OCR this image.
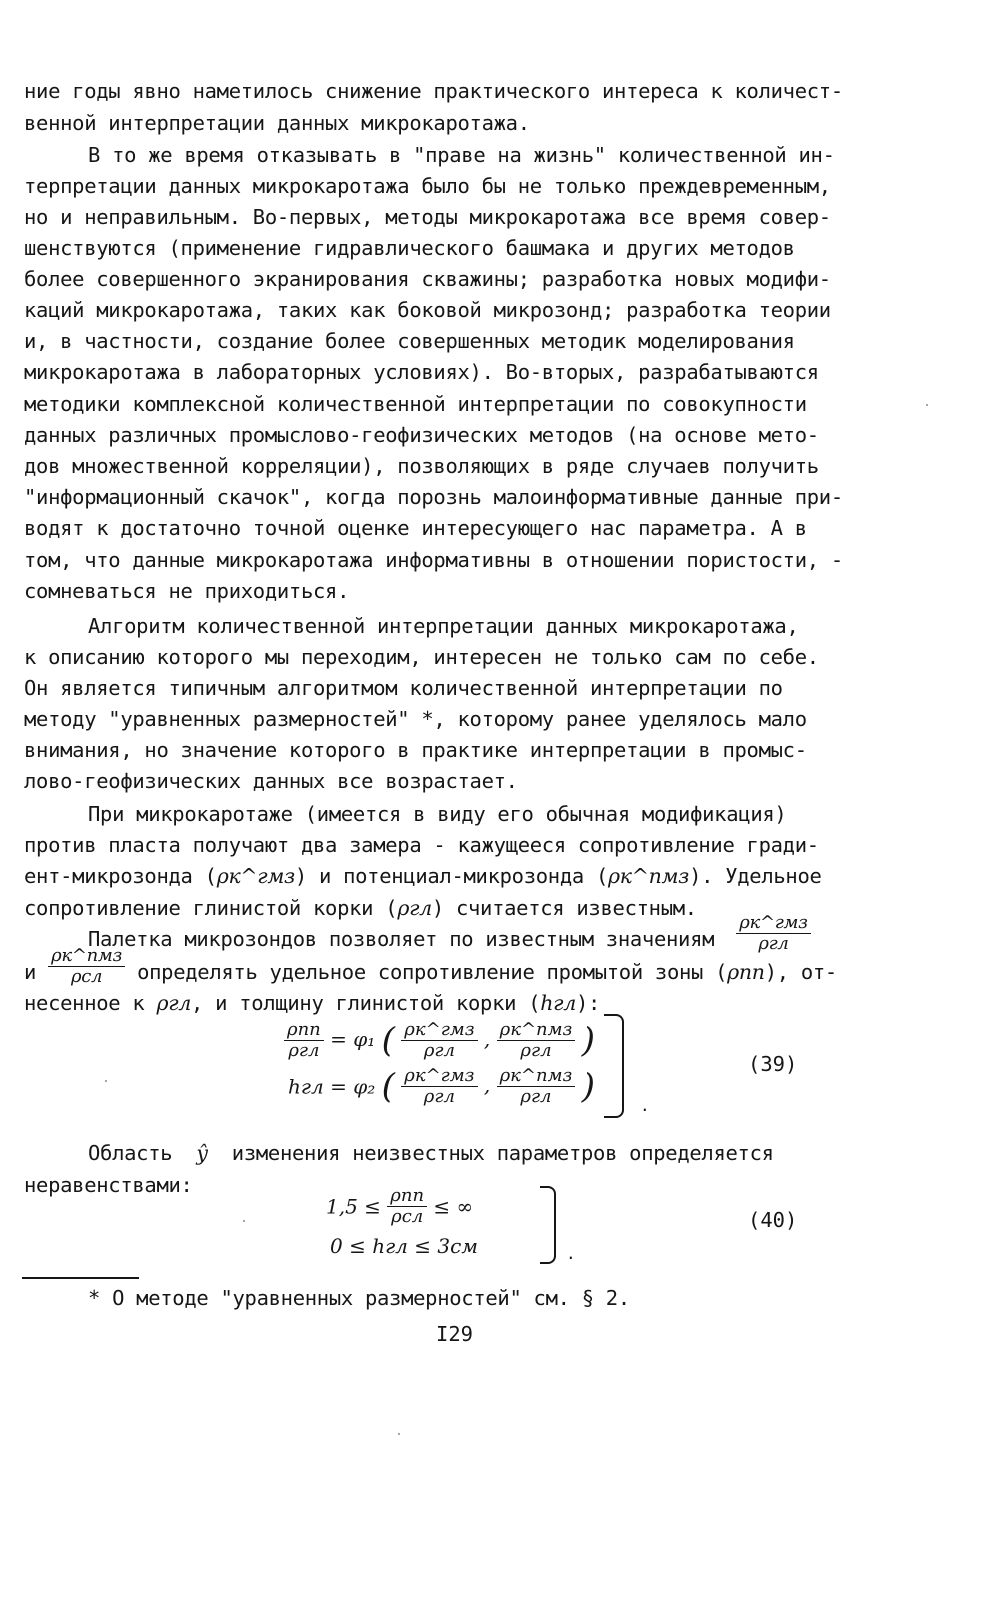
ние годы явно наметилось снижение практического интереса к количест-
венной интерпретации данных микрокаротажа.
В то же время отказывать в "праве на жизнь" количественной ин-
терпретации данных микрокаротажа было бы не только преждевременным,
но и неправильным. Во-первых, методы микрокаротажа все время совер-
шенствуются (применение гидравлического башмака и других методов
более совершенного экранирования скважины; разработка новых модифи-
каций микрокаротажа, таких как боковой микрозонд; разработка теории
и, в частности, создание более совершенных методик моделирования
микрокаротажа в лабораторных условиях). Во-вторых, разрабатываются
методики комплексной количественной интерпретации по совокупности
данных различных промыслово-геофизических методов (на основе мето-
дов множественной корреляции), позволяющих в ряде случаев получить
"информационный скачок", когда порознь малоинформативные данные при-
водят к достаточно точной оценке интересующего нас параметра. А в
том, что данные микрокаротажа информативны в отношении пористости, -
сомневаться не приходиться.
Алгоритм количественной интерпретации данных микрокаротажа,
к описанию которого мы переходим, интересен не только сам по себе.
Он является типичным алгоритмом количественной интерпретации по
методу "уравненных размерностей" *, которому ранее уделялось мало
внимания, но значение которого в практике интерпретации в промыс-
лово-геофизических данных все возрастает.
При микрокаротаже (имеется в виду его обычная модификация)
против пласта получают два замера - кажущееся сопротивление гради-
ент-микрозонда (ρк^гмз) и потенциал-микрозонда (ρк^пмз). Удельное
сопротивление глинистой корки (ρгл) считается известным.
Палетка микрозондов позволяет по известным значениям $\frac{\text{ρк\textasciicircum{}гмз}}{\text{ρгл}}$
и $\frac{\text{ρк\textasciicircum{}пмз}}{\text{ρсл}}$ определять удельное сопротивление промытой зоны (ρпп), от-
несенное к ρгл, и толщину глинистой корки (hгл):
$\frac{\text{ρпп}}{\text{ρгл}} = \varphi_1$ ( $\frac{\text{ρк\textasciicircum{}гмз}}{\text{ρгл}}$ , $\frac{\text{ρк\textasciicircum{}пмз}}{\text{ρгл}}$ )
hгл = φ₂ ( $\frac{\text{ρк\textasciicircum{}гмз}}{\text{ρгл}}$ , $\frac{\text{ρк\textasciicircum{}пмз}}{\text{ρгл}}$ )	.
(39)
Область ŷ изменения неизвестных параметров определяется
неравенствами:
$1,5 \le \frac{\text{ρпп}}{\text{ρсл}}$ ≤ ∞
0 ≤ hгл ≤ 3см	.
(40)
* О методе "уравненных размерностей" см. § 2.
I29
